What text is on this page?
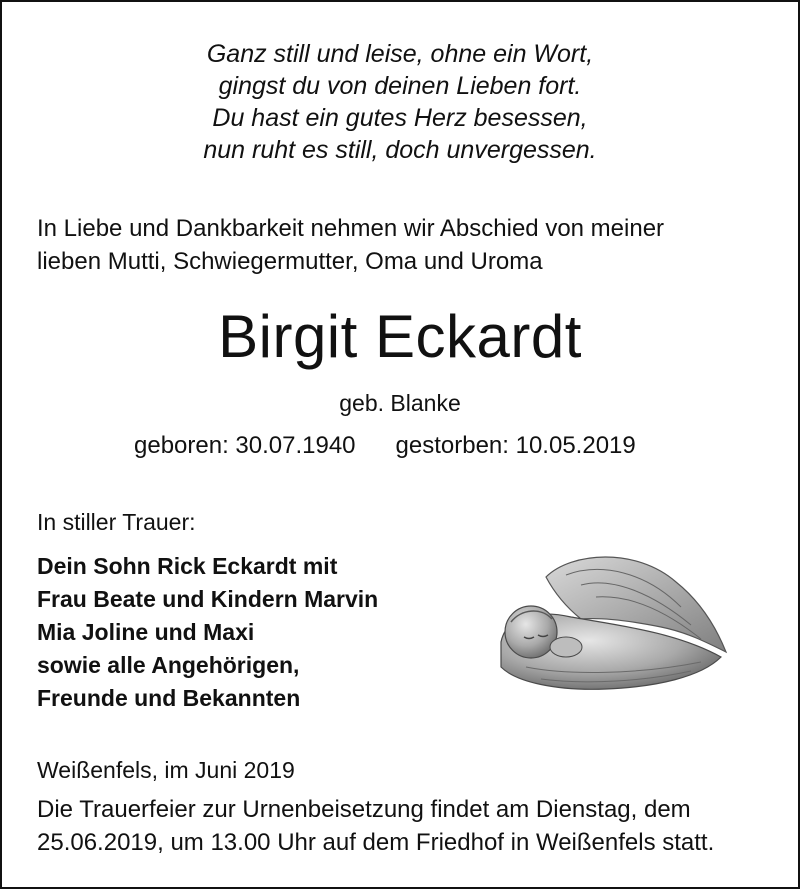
Ganz still und leise, ohne ein Wort,
gingst du von deinen Lieben fort.
Du hast ein gutes Herz besessen,
nun ruht es still, doch unvergessen.
In Liebe und Dankbarkeit nehmen wir Abschied von meiner
lieben Mutti, Schwiegermutter, Oma und Uroma
Birgit Eckardt
geb. Blanke
geboren: 30.07.1940 gestorben: 10.05.2019
In stiller Trauer:
Dein Sohn Rick Eckardt mit
Frau Beate und Kindern Marvin
Mia Joline und Maxi
sowie alle Angehörigen,
Freunde und Bekannten
Weißenfels, im Juni 2019
Die Trauerfeier zur Urnenbeisetzung findet am Dienstag, dem
25.06.2019, um 13.00 Uhr auf dem Friedhof in Weißenfels statt.
